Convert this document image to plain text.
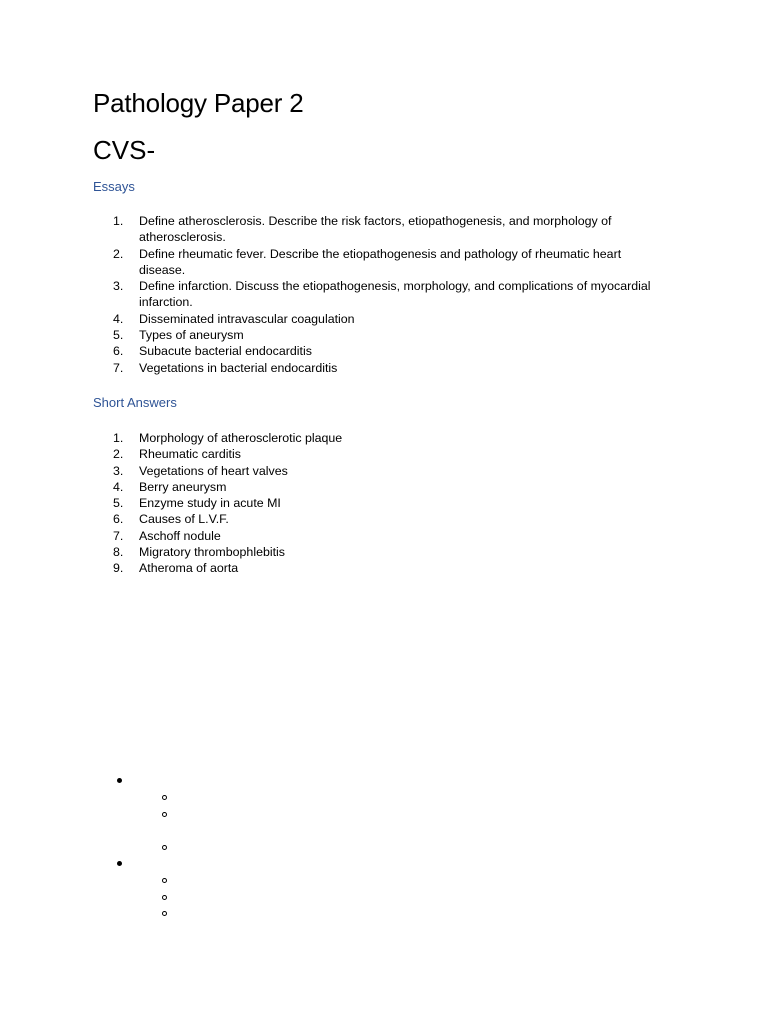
Pathology Paper 2
CVS-
Essays
1.	Define atherosclerosis. Describe the risk factors, etiopathogenesis, and morphology of atherosclerosis.
2.	Define rheumatic fever. Describe the etiopathogenesis and pathology of rheumatic heart disease.
3.	Define infarction. Discuss the etiopathogenesis, morphology, and complications of myocardial infarction.
4.	Disseminated intravascular coagulation
5.	Types of aneurysm
6.	Subacute bacterial endocarditis
7.	Vegetations in bacterial endocarditis
Short Answers
1.	Morphology of atherosclerotic plaque
2.	Rheumatic carditis
3.	Vegetations of heart valves
4.	Berry aneurysm
5.	Enzyme study in acute MI
6.	Causes of L.V.F.
7.	Aschoff nodule
8.	Migratory thrombophlebitis
9.	Atheroma of aorta
